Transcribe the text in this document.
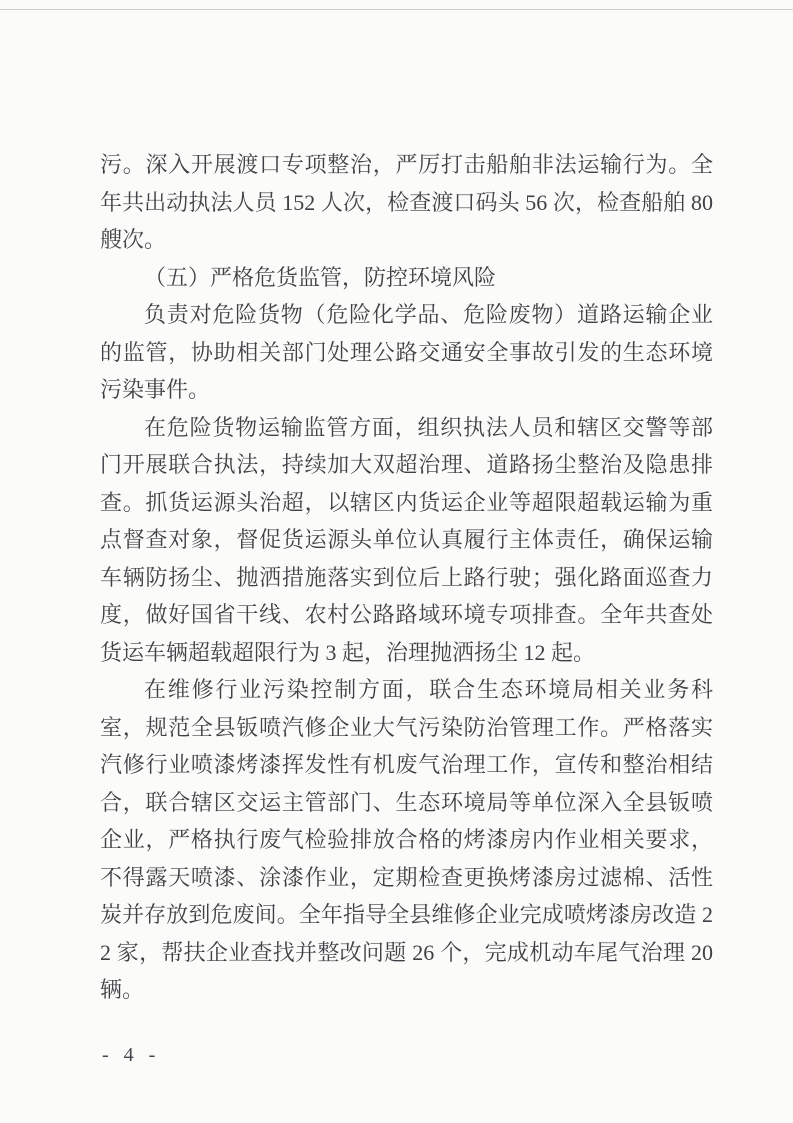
污。深入开展渡口专项整治，严厉打击船舶非法运输行为。全年共出动执法人员 152 人次，检查渡口码头 56 次，检查船舶 80 艘次。

（五）严格危货监管，防控环境风险

负责对危险货物（危险化学品、危险废物）道路运输企业的监管，协助相关部门处理公路交通安全事故引发的生态环境污染事件。

在危险货物运输监管方面，组织执法人员和辖区交警等部门开展联合执法，持续加大双超治理、道路扬尘整治及隐患排查。抓货运源头治超，以辖区内货运企业等超限超载运输为重点督查对象，督促货运源头单位认真履行主体责任，确保运输车辆防扬尘、抛洒措施落实到位后上路行驶；强化路面巡查力度，做好国省干线、农村公路路域环境专项排查。全年共查处货运车辆超载超限行为 3 起，治理抛洒扬尘 12 起。

在维修行业污染控制方面，联合生态环境局相关业务科室，规范全县钣喷汽修企业大气污染防治管理工作。严格落实汽修行业喷漆烤漆挥发性有机废气治理工作，宣传和整治相结合，联合辖区交运主管部门、生态环境局等单位深入全县钣喷企业，严格执行废气检验排放合格的烤漆房内作业相关要求，不得露天喷漆、涂漆作业，定期检查更换烤漆房过滤棉、活性炭并存放到危废间。全年指导全县维修企业完成喷烤漆房改造 22 家，帮扶企业查找并整改问题 26 个，完成机动车尾气治理 20 辆。

- 4 -
